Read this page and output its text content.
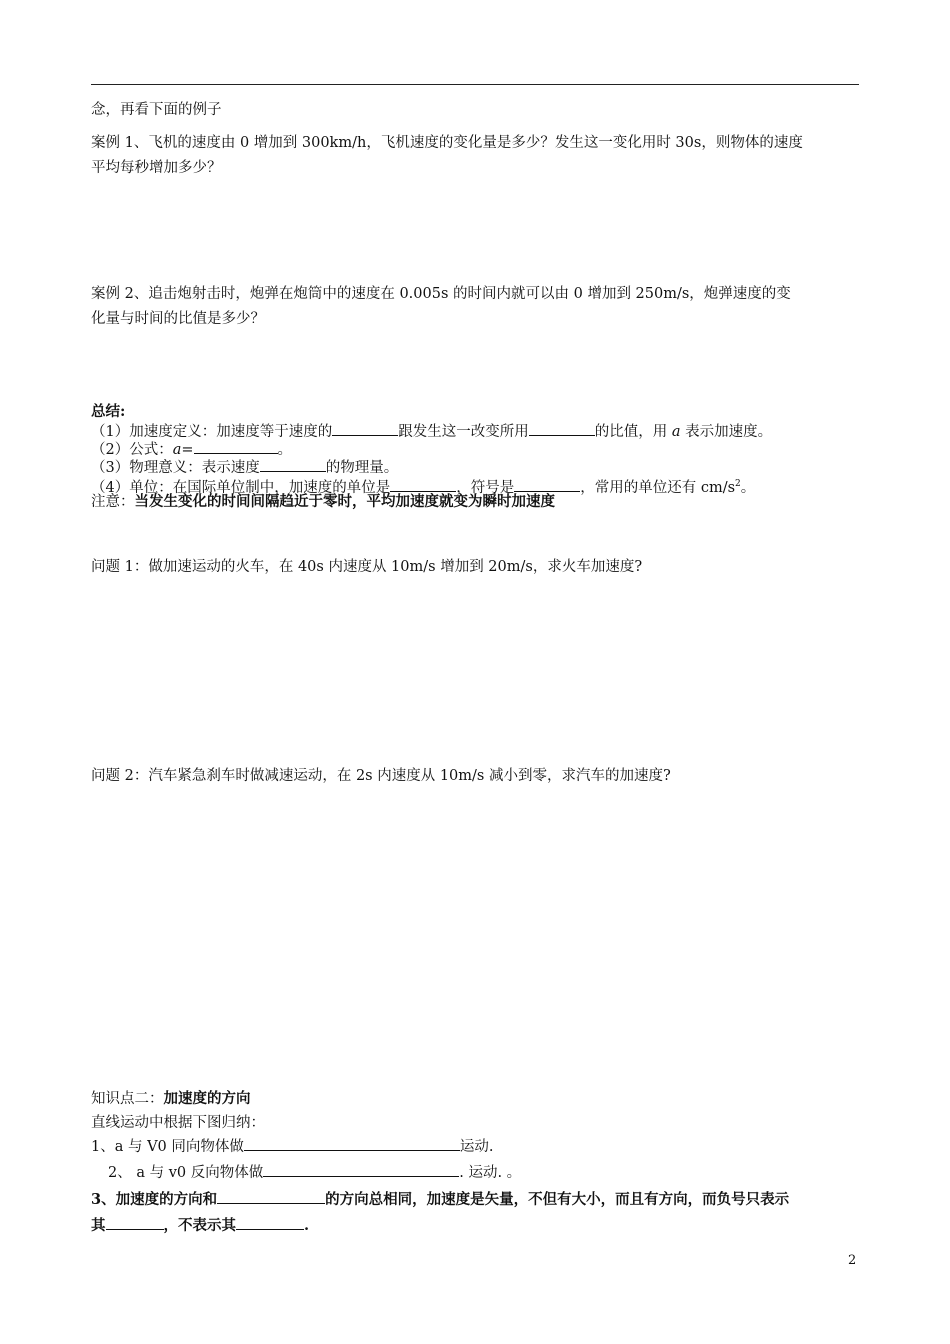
念，再看下面的例子
案例 1、飞机的速度由 0 增加到 300km/h，飞机速度的变化量是多少？发生这一变化用时 30s，则物体的速度
平均每秒增加多少？
案例 2、追击炮射击时，炮弹在炮筒中的速度在 0.005s 的时间内就可以由 0 增加到 250m/s，炮弹速度的变
化量与时间的比值是多少？
总结:
（1）加速度定义：加速度等于速度的	跟发生这一改变所用	的比值，用 a 表示加速度。
（2）公式：a=	。
（3）物理意义：表示速度	的物理量。
（4）单位：在国际单位制中，加速度的单位是	，符号是	，常用的单位还有 $cm/s^2$。
注意：当发生变化的时间间隔趋近于零时，平均加速度就变为瞬时加速度
问题 1：做加速运动的火车，在 40s 内速度从 10m/s 增加到 20m/s，求火车加速度?
问题 2：汽车紧急刹车时做减速运动，在 2s 内速度从 10m/s 减小到零，求汽车的加速度?
知识点二：加速度的方向
直线运动中根据下图归纳：
1、a 与 V0 同向物体做	运动.
2、 a 与 v0 反向物体做	. 运动. 。
3、加速度的方向和	的方向总相同，加速度是矢量，不但有大小，而且有方向，而负号只表示
其	，不表示其	.
2
